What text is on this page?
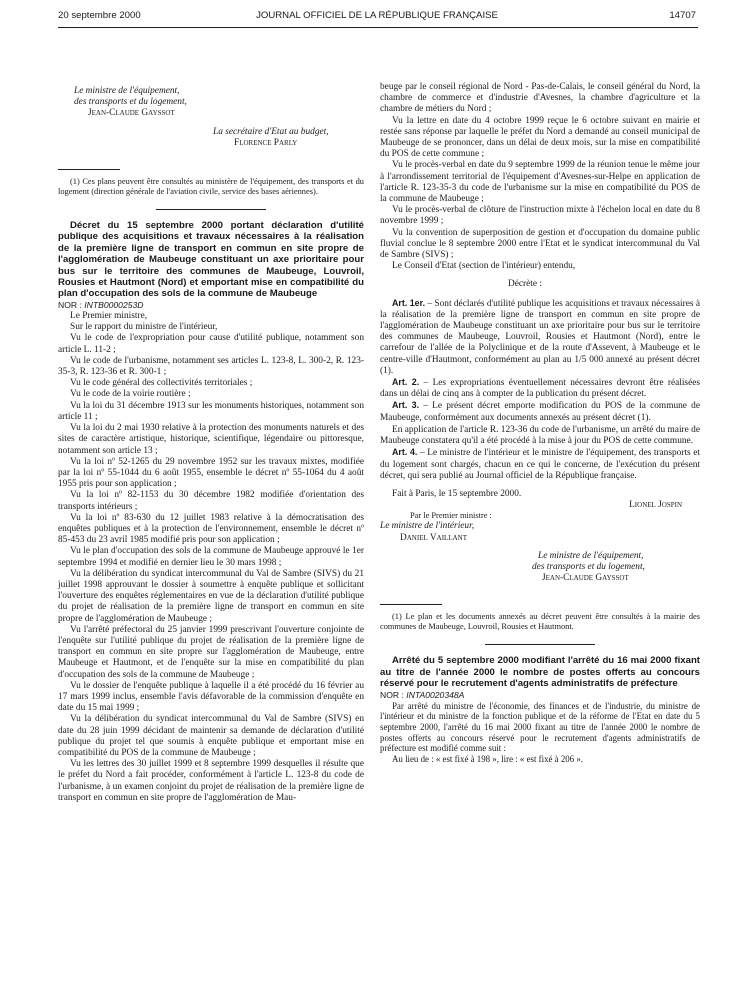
20 septembre 2000	JOURNAL OFFICIEL DE LA RÉPUBLIQUE FRANÇAISE	14707

Le ministre de l'équipement,

des transports et du logement,

Jean-Claude Gayssot

La secrétaire d'Etat au budget,

Florence Parly

(1) Ces plans peuvent être consultés au ministère de l'équipement, des transports et du logement (direction générale de l'aviation civile, service des bases aériennes).

Décret du 15 septembre 2000 portant déclaration d'utilité publique des acquisitions et travaux nécessaires à la réalisation de la première ligne de transport en commun en site propre de l'agglomération de Maubeuge constituant un axe prioritaire pour bus sur le territoire des communes de Maubeuge, Louvroil, Rousies et Hautmont (Nord) et emportant mise en compatibilité du plan d'occupation des sols de la commune de Maubeuge

NOR : INTB0000253D

Le Premier ministre,

Sur le rapport du ministre de l'intérieur,

Vu le code de l'expropriation pour cause d'utilité publique, notamment son article L. 11-2 ;

Vu le code de l'urbanisme, notamment ses articles L. 123-8, L. 300-2, R. 123-35-3, R. 123-36 et R. 300-1 ;

Vu le code général des collectivités territoriales ;

Vu le code de la voirie routière ;

Vu la loi du 31 décembre 1913 sur les monuments historiques, notamment son article 11 ;

Vu la loi du 2 mai 1930 relative à la protection des monuments naturels et des sites de caractère artistique, historique, scientifique, légendaire ou pittoresque, notamment son article 13 ;

Vu la loi nº 52-1265 du 29 novembre 1952 sur les travaux mixtes, modifiée par la loi nº 55-1044 du 6 août 1955, ensemble le décret nº 55-1064 du 4 août 1955 pris pour son application ;

Vu la loi nº 82-1153 du 30 décembre 1982 modifiée d'orientation des transports intérieurs ;

Vu la loi nº 83-630 du 12 juillet 1983 relative à la démocratisation des enquêtes publiques et à la protection de l'environnement, ensemble le décret nº 85-453 du 23 avril 1985 modifié pris pour son application ;

Vu le plan d'occupation des sols de la commune de Maubeuge approuvé le 1er septembre 1994 et modifié en dernier lieu le 30 mars 1998 ;

Vu la délibération du syndicat intercommunal du Val de Sambre (SIVS) du 21 juillet 1998 approuvant le dossier à soumettre à enquête publique et sollicitant l'ouverture des enquêtes réglementaires en vue de la déclaration d'utilité publique du projet de réalisation de la première ligne de transport en commun en site propre de l'agglomération de Maubeuge ;

Vu l'arrêté préfectoral du 25 janvier 1999 prescrivant l'ouverture conjointe de l'enquête sur l'utilité publique du projet de réalisation de la première ligne de transport en commun en site propre sur l'agglomération de Maubeuge, entre Maubeuge et Hautmont, et de l'enquête sur la mise en compatibilité du plan d'occupation des sols de la commune de Maubeuge ;

Vu le dossier de l'enquête publique à laquelle il a été procédé du 16 février au 17 mars 1999 inclus, ensemble l'avis défavorable de la commission d'enquête en date du 15 mai 1999 ;

Vu la délibération du syndicat intercommunal du Val de Sambre (SIVS) en date du 28 juin 1999 décidant de maintenir sa demande de déclaration d'utilité publique du projet tel que soumis à enquête publique et emportant mise en compatibilité du POS de la commune de Maubeuge ;

Vu les lettres des 30 juillet 1999 et 8 septembre 1999 desquelles il résulte que le préfet du Nord a fait procéder, conformément à l'article L. 123-8 du code de l'urbanisme, à un examen conjoint du projet de réalisation de la première ligne de transport en commun en site propre de l'agglomération de Mau-

beuge par le conseil régional de Nord - Pas-de-Calais, le conseil général du Nord, la chambre de commerce et d'industrie d'Avesnes, la chambre d'agriculture et la chambre de métiers du Nord ;

Vu la lettre en date du 4 octobre 1999 reçue le 6 octobre suivant en mairie et restée sans réponse par laquelle le préfet du Nord a demandé au conseil municipal de Maubeuge de se prononcer, dans un délai de deux mois, sur la mise en compatibilité du POS de cette commune ;

Vu le procès-verbal en date du 9 septembre 1999 de la réunion tenue le même jour à l'arrondissement territorial de l'équipement d'Avesnes-sur-Helpe en application de l'article R. 123-35-3 du code de l'urbanisme sur la mise en compatibilité du POS de la commune de Maubeuge ;

Vu le procès-verbal de clôture de l'instruction mixte à l'échelon local en date du 8 novembre 1999 ;

Vu la convention de superposition de gestion et d'occupation du domaine public fluvial conclue le 8 septembre 2000 entre l'Etat et le syndicat intercommunal du Val de Sambre (SIVS) ;

Le Conseil d'Etat (section de l'intérieur) entendu,

Décrète :

Art. 1er. – Sont déclarés d'utilité publique les acquisitions et travaux nécessaires à la réalisation de la première ligne de transport en commun en site propre de l'agglomération de Maubeuge constituant un axe prioritaire pour bus sur le territoire des communes de Maubeuge, Louvroil, Rousies et Hautmont (Nord), entre le carrefour de l'allée de la Polyclinique et de la route d'Assevent, à Maubeuge et le centre-ville d'Hautmont, conformément au plan au 1/5 000 annexé au présent décret (1).

Art. 2. – Les expropriations éventuellement nécessaires devront être réalisées dans un délai de cinq ans à compter de la publication du présent décret.

Art. 3. – Le présent décret emporte modification du POS de la commune de Maubeuge, conformément aux documents annexés au présent décret (1).

En application de l'article R. 123-36 du code de l'urbanisme, un arrêté du maire de Maubeuge constatera qu'il a été procédé à la mise à jour du POS de cette commune.

Art. 4. – Le ministre de l'intérieur et le ministre de l'équipement, des transports et du logement sont chargés, chacun en ce qui le concerne, de l'exécution du présent décret, qui sera publié au Journal officiel de la République française.

Fait à Paris, le 15 septembre 2000.

Lionel Jospin

Par le Premier ministre :

Le ministre de l'intérieur,

Daniel Vaillant

Le ministre de l'équipement,

des transports et du logement,

Jean-Claude Gayssot

(1) Le plan et les documents annexés au décret peuvent être consultés à la mairie des communes de Maubeuge, Louvroil, Rousies et Hautmont.

Arrêté du 5 septembre 2000 modifiant l'arrêté du 16 mai 2000 fixant au titre de l'année 2000 le nombre de postes offerts au concours réservé pour le recrutement d'agents administratifs de préfecture

NOR : INTA0020348A

Par arrêté du ministre de l'économie, des finances et de l'industrie, du ministre de l'intérieur et du ministre de la fonction publique et de la réforme de l'Etat en date du 5 septembre 2000, l'arrêté du 16 mai 2000 fixant au titre de l'année 2000 le nombre de postes offerts au concours réservé pour le recrutement d'agents administratifs de préfecture est modifié comme suit :

Au lieu de : « est fixé à 198 », lire : « est fixé à 206 ».
